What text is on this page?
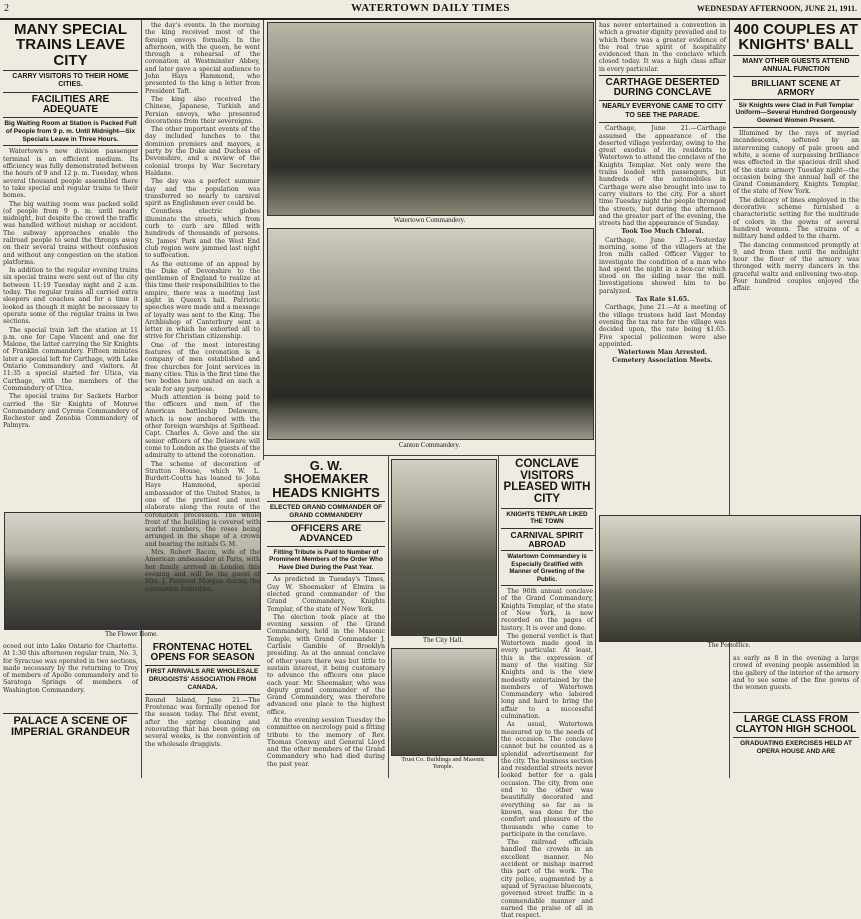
2	WATERTOWN DAILY TIMES	WEDNESDAY AFTERNOON, JUNE 21, 1911.
MANY SPECIAL TRAINS LEAVE CITY

CARRY VISITORS TO THEIR HOME CITIES.

FACILITIES ARE ADEQUATE

Big Waiting Room at Station is Packed Full of People from 9 p. m. Until Midnight—Six Specials Leave in Three Hours.

Watertown's new division passenger terminal is an efficient medium. Its efficiency was fully demonstrated between the hours of 9 and 12 p. m. Tuesday, when several thousand people assembled there to take special and regular trains to their homes.

The big waiting room was packed solid (of people from 9 p. m. until nearly midnight, but despite the crowd the traffic was handled without mishap or accident. The subway approaches enable the railroad people to send the throngs away on their several trains without confusion and without any congestion on the station platforms.

In addition to the regular evening trains six special trains were sent out of the city between 11:19 Tuesday night and 2 a.m. today. The regular trains all carried extra sleepers and coaches and for a time it looked as though it might be necessary to operate some of the regular trains in two sections.

The special train left the station at 11 p.m. one for Cape Vincent and one for Malone, the latter carrying the Sir Knights of Franklin commandery. Fifteen minutes later a special left for Carthage, with Lake Ontario Commandery and visitors. At 11:35 a special started for Utica, via Carthage, with the members of the Commandery of Utica.

The special trains for Sackets Harbor carried the Sir Knights of Monroe Commandery and Cyrene Commandery of Rochester and Zenobia Commandery of Palmyra.

The Flower Home.

oceed out into Lake Ontario for Charlotte. At 1:30 this afternoon regular train, No. 3, for Syracuse was operated in two sections, made necessary by the returning to Troy of members of Apollo commandery and to Saratoga Springs of members of Washington Commandery.

PALACE A SCENE OF IMPERIAL GRANDEUR

the day's events. In the morning the king received most of the foreign envoys formally. In the afternoon, with the queen, he went through a rehearsal of the coronation at Westminster Abbey, and later gave a special audience to John Hays Hammond, who presented to the king a letter from President Taft.

The king also received the Chinese, Japanese, Turkish and Persian envoys, who presented decorations from their sovereigns.

The other important events of the day included lunches to the dominion premiers and mayors, a party by the Duke and Duchess of Devonshire, and a review of the colonial troops by War Secretary Haldane.

The day was a perfect summer day and the population was transferred so nearly to carnival spirit as Englishmen ever could be.

Countless electric globes illuminate the streets, which from curb to curb are filled with hundreds of thousands of persons. St. James' Park and the West End club region were jammed last night to suffocation.

As the outcome of an appeal by the Duke of Devonshire to the gentlemen of England to realize at this time their responsibilities to the empire, there was a meeting last night in Queen's hall. Patriotic speeches were made and a message of loyalty was sent to the King. The Archbishop of Canterbury sent a letter in which he exhorted all to strive for Christian citizenship.

One of the most interesting features of the coronation is a company of men established and free churches for Joint services in many cities. This is the first time the two bodies have united on such a scale for any purpose.

Much attention is being paid to the officers and men of the American battleship Delaware, which is now anchored with the other foreign warships at Spithead. Capt. Charles A. Gove and the six senior officers of the Delaware will come to London as the guests of the admiralty to attend the coronation.

The scheme of decoration of Stratton House, which W. L. Burdett-Coutts has loaned to John Hays Hammond, special ambassador of the United States, is one of the prettiest and most elaborate along the route of the coronation procession. The whole front of the building is covered with scarlet numbers, the roses being arranged in the shape of a crown and bearing the initials G. M.

Mrs. Robert Bacon, wife of the American ambassador at Paris, with her family arrived in London this evening and will be the guest of Mrs. J. Pierpont Morgan during the coronation festivities.

FRONTENAC HOTEL OPENS FOR SEASON

FIRST ARRIVALS ARE WHOLESALE DRUGGISTS' ASSOCIATION FROM CANADA.

Round Island, June 21.—The Frontenac was formally opened for the season today. The first event, after the spring cleaning and renovating that has been going on several weeks, is the convention of the wholesale druggists.

Watertown Commandery.
Canton Commandery.
G. W. SHOEMAKER HEADS KNIGHTS

ELECTED GRAND COMMANDER OF GRAND COMMANDERY

OFFICERS ARE ADVANCED

Fitting Tribute is Paid to Number of Prominent Members of the Order Who Have Died During the Past Year.

As predicted in Tuesday's Times, Guy W. Shoemaker of Elmira is elected grand commander of the Grand Commandery, Knights Templar, of the state of New York.

The election took place at the evening session of the Grand Commandery, held in the Masonic Temple, with Grand Commander J. Carlisle Gamble of Brooklyn presiding. As at the annual conclave of other years there was but little to sustain interest, it being customary to advance the officers one place each year. Mr. Shoemaker, who was deputy grand commander of the Grand Commandery, was therefore advanced one place to the highest office.

At the evening session Tuesday the committee on necrology paid a fitting tribute to the memory of Rev. Thomas Conway and General Lloyd and the other members of the Grand Commandery who had died during the past year.

The City Hall.
Trust Co. Buildings and Masonic Temple.
CONCLAVE VISITORS PLEASED WITH CITY

KNIGHTS TEMPLAR LIKED THE TOWN

CARNIVAL SPIRIT ABROAD

Watertown Commandery is Especially Gratified with Manner of Greeting of the Public.

The 96th annual conclave of the Grand Commandery, Knights Templar, of the state of New York, is now recorded on the pages of history. It is over and done.

The general verdict is that Watertown made good in every particular. At least, this is the expression of many of the visiting Sir Knights and is the view modestly entertained by the members of Watertown Commandery who labored long and hard to bring the affair to a successful culmination.

As usual, Watertown measured up to the needs of the occasion. The conclave cannot but be counted as a splendid advertisement for the city. The business section and residential streets never looked better for a gala occasion. The city, from one end to the other was beautifully decorated and everything so far as is known, was done for the comfort and pleasure of the thousands who came to participate in the conclave.

The railroad officials handled the crowds in an excellent manner. No accident or mishap marred this part of the work. The city police, augmented by a squad of Syracuse bluecoats, governed street traffic in a commendable manner and earned the praise of all in that respect.

has never entertained a convention in which a greater dignity prevailed and to which there was a greater evidence of the real true spirit of hospitality evidenced than in the conclave which closed today. It was a high class affair in every particular.

CARTHAGE DESERTED DURING CONCLAVE

NEARLY EVERYONE CAME TO CITY TO SEE THE PARADE.

Carthage, June 21.—Carthage assumed the appearance of the deserted village yesterday, owing to the great exodus of its residents to Watertown to attend the conclave of the Knights Templar. Not only were the trains loaded with passengers, but hundreds of the automobiles in Carthage were also brought into use to carry visitors to the city. For a short time Tuesday night the people thronged the streets, but during the afternoon and the greater part of the evening, the streets had the appearance of Sunday.

Took Too Much Chloral.

Carthage, June 21.—Yesterday morning, some of the villagers at the Iron mills called Officer Vigger to investigate the condition of a man who had spent the night in a box-car which stood on the siding near the mill. Investigations showed him to be paralyzed.

Tax Rate $1.65.

Carthage, June 21.—At a meeting of the village trustees held last Monday evening the tax rate for the village was decided upon, the rate being $1.65. Five special policemen were also appointed.

Watertown Man Arrested.

Cemetery Association Meets.

The Postoffice.
400 COUPLES AT KNIGHTS' BALL

MANY OTHER GUESTS ATTEND ANNUAL FUNCTION

BRILLIANT SCENE AT ARMORY

Sir Knights were Clad in Full Templar Uniform—Several Hundred Gorgeously Gowned Women Present.

Illumined by the rays of myriad incandescents, softened by an intervening canopy of pale green and white, a scene of surpassing brilliance was effected in the spacious drill shed of the state armory Tuesday night—the occasion being the annual ball of the Grand Commandery, Knights Templar, of the state of New York.

The delicacy of lines employed in the decorative scheme furnished a characteristic setting for the multitude of colors in the gowns of several hundred women. The strains of a military band added to the charm.

The dancing commenced promptly at 9, and from then until the midnight hour the floor of the armory was thronged with merry dancers in the graceful waltz and enlivening two-step. Four hundred couples enjoyed the affair.

as early as 8 in the evening a large crowd of evening people assembled in the gallery of the interior of the armory and to see some of the fine gowns of the women guests.

LARGE CLASS FROM CLAYTON HIGH SCHOOL

GRADUATING EXERCISES HELD AT OPERA HOUSE AND ARE
